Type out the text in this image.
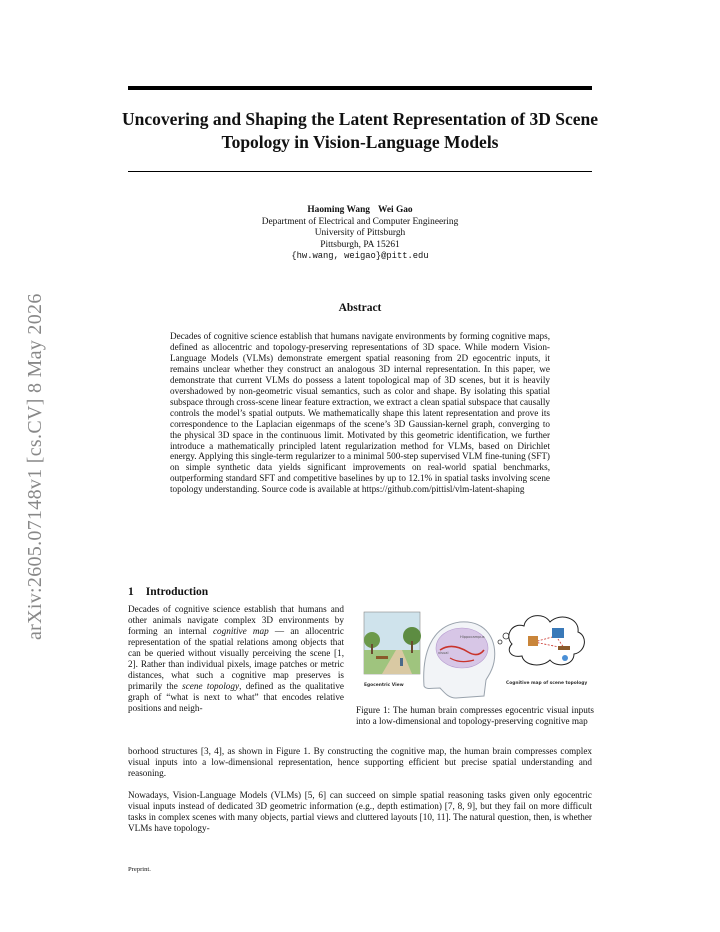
Uncovering and Shaping the Latent Representation of 3D Scene Topology in Vision-Language Models
Haoming Wang Wei Gao
Department of Electrical and Computer Engineering
University of Pittsburgh
Pittsburgh, PA 15261
{hw.wang, weigao}@pitt.edu
arXiv:2605.07148v1 [cs.CV] 8 May 2026	Abstract
Decades of cognitive science establish that humans navigate environments by forming cognitive maps, defined as allocentric and topology-preserving representations of 3D space. While modern Vision-Language Models (VLMs) demonstrate emergent spatial reasoning from 2D egocentric inputs, it remains unclear whether they construct an analogous 3D internal representation. In this paper, we demonstrate that current VLMs do possess a latent topological map of 3D scenes, but it is heavily overshadowed by non-geometric visual semantics, such as color and shape. By isolating this spatial subspace through cross-scene linear feature extraction, we extract a clean spatial subspace that causally controls the model’s spatial outputs. We mathematically shape this latent representation and prove its correspondence to the Laplacian eigenmaps of the scene’s 3D Gaussian-kernel graph, converging to the physical 3D space in the continuous limit. Motivated by this geometric identification, we further introduce a mathematically principled latent regularization method for VLMs, based on Dirichlet energy. Applying this single-term regularizer to a minimal 500-step supervised VLM fine-tuning (SFT) on simple synthetic data yields significant improvements on real-world spatial benchmarks, outperforming standard SFT and competitive baselines by up to 12.1% in spatial tasks involving scene topology understanding. Source code is available at https://github.com/pittisl/vlm-latent-shaping
1 Introduction
Decades of cognitive science establish that humans and other animals navigate complex 3D environments by forming an internal cognitive map — an allocentric representation of the spatial relations among objects that can be queried without visually perceiving the scene [1, 2]. Rather than individual pixels, image patches or metric distances, what such a cognitive map preserves is primarily the scene topology, defined as the qualitative graph of “what is next to what” that encodes relative positions and neigh-
Hippocampus
visual
Egocentric View	Cognitive map of scene topology
Figure 1: The human brain compresses egocentric visual inputs into a low-dimensional and topology-preserving cognitive map
borhood structures [3, 4], as shown in Figure 1. By constructing the cognitive map, the human brain compresses complex visual inputs into a low-dimensional representation, hence supporting efficient but precise spatial understanding and reasoning.
Nowadays, Vision-Language Models (VLMs) [5, 6] can succeed on simple spatial reasoning tasks given only egocentric visual inputs instead of dedicated 3D geometric information (e.g., depth estimation) [7, 8, 9], but they fail on more difficult tasks in complex scenes with many objects, partial views and cluttered layouts [10, 11]. The natural question, then, is whether VLMs have topology-
Preprint.
